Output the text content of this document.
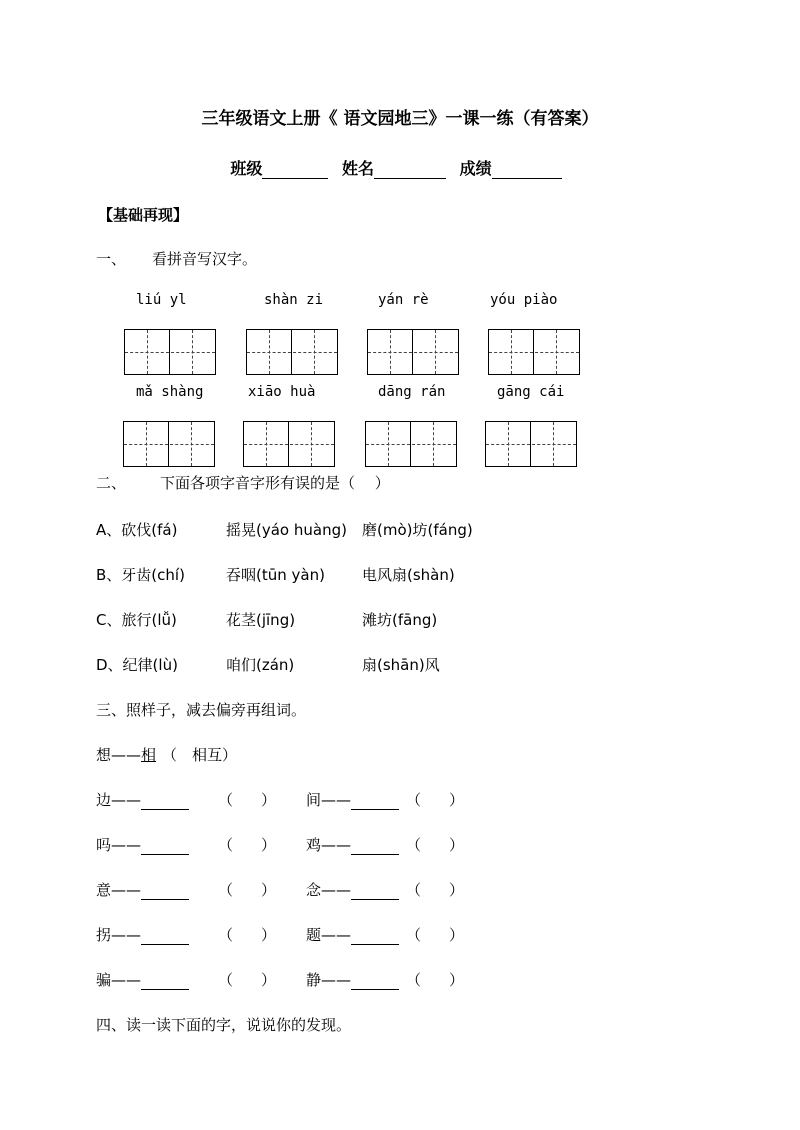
三年级语文上册《 语文园地三》一课一练（有答案）
班级	姓名	成绩
【基础再现】
一、 看拼音写汉字。
liú yl	shàn zi	yán rè	yóu piào
mǎ shàng	xiāo huà	dāng rán	gāng cái
二、 下面各项字音字形有误的是（　 ）
A、砍伐(fá)	摇晃(yáo huàng) 磨(mò)坊(fáng)
B、牙齿(chí)	吞咽(tūn yàn) 电风扇(shàn)
C、旅行(lǚ)	花茎(jīng)	滩坊(fāng)
D、纪律(lù)	咱们(zán)	扇(shān)风
三、照样子，减去偏旁再组词。
想——相 （　相互）
边——	（ ） 间——	（ ）
吗——	（ ） 鸡——	（ ）
意——	（ ） 念——	（ ）
拐——	（ ） 题——	（ ）
骗——	（ ） 静——	（ ）
四、读一读下面的字，说说你的发现。
